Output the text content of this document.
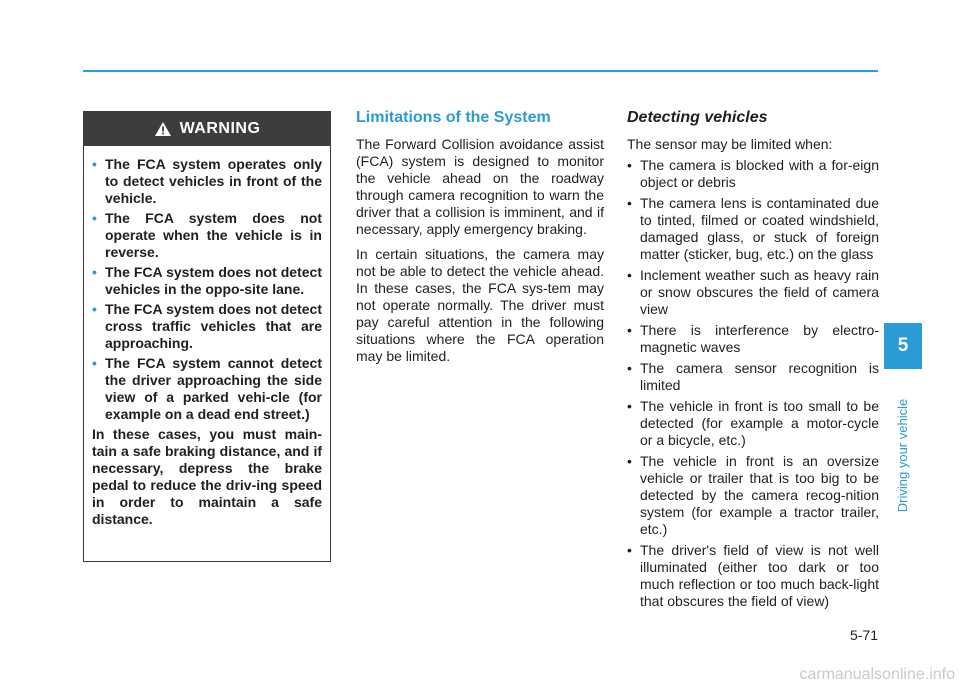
WARNING
• The FCA system operates only to detect vehicles in front of the vehicle.
• The FCA system does not operate when the vehicle is in reverse.
• The FCA system does not detect vehicles in the oppo-site lane.
• The FCA system does not detect cross traffic vehicles that are approaching.
• The FCA system cannot detect the driver approaching the side view of a parked vehi-cle (for example on a dead end street.)

In these cases, you must main-tain a safe braking distance, and if necessary, depress the brake pedal to reduce the driv-ing speed in order to maintain a safe distance.

Limitations of the System

The Forward Collision avoidance assist (FCA) system is designed to monitor the vehicle ahead on the roadway through camera recognition to warn the driver that a collision is imminent, and if necessary, apply emergency braking.

In certain situations, the camera may not be able to detect the vehicle ahead. In these cases, the FCA sys-tem may not operate normally. The driver must pay careful attention in the following situations where the FCA operation may be limited.

Detecting vehicles

The sensor may be limited when:

• The camera is blocked with a for-eign object or debris
• The camera lens is contaminated due to tinted, filmed or coated windshield, damaged glass, or stuck of foreign matter (sticker, bug, etc.) on the glass
• Inclement weather such as heavy rain or snow obscures the field of camera view
• There is interference by electro-magnetic waves
• The camera sensor recognition is limited
• The vehicle in front is too small to be detected (for example a motor-cycle or a bicycle, etc.)
• The vehicle in front is an oversize vehicle or trailer that is too big to be detected by the camera recog-nition system (for example a tractor trailer, etc.)
• The driver's field of view is not well illuminated (either too dark or too much reflection or too much back-light that obscures the field of view)
5
Driving your vehicle
5-71
carmanualsonline.info
